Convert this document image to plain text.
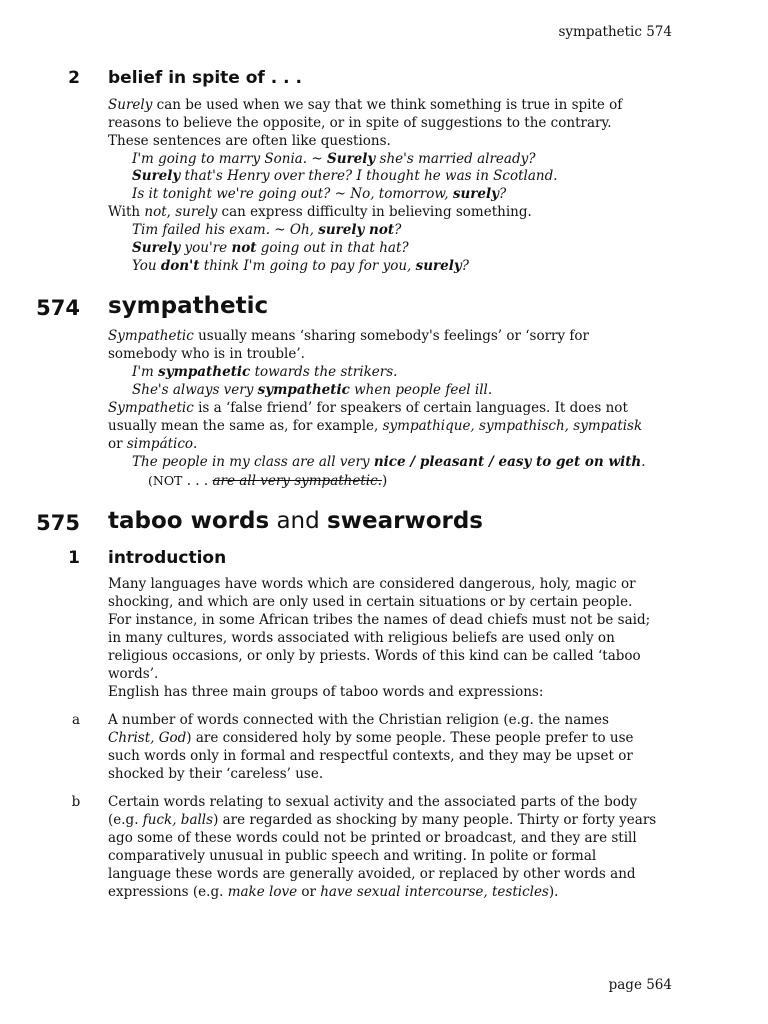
sympathetic 574
2 belief in spite of . . .
Surely can be used when we say that we think something is true in spite of
reasons to believe the opposite, or in spite of suggestions to the contrary.
These sentences are often like questions.
I'm going to marry Sonia. ~ Surely she's married already?
Surely that's Henry over there? I thought he was in Scotland.
Is it tonight we're going out? ~ No, tomorrow, surely?
With not, surely can express difficulty in believing something.
Tim failed his exam. ~ Oh, surely not?
Surely you're not going out in that hat?
You don't think I'm going to pay for you, surely?
574 sympathetic
Sympathetic usually means ‘sharing somebody's feelings’ or ‘sorry for
somebody who is in trouble’.
I'm sympathetic towards the strikers.
She's always very sympathetic when people feel ill.
Sympathetic is a ‘false friend’ for speakers of certain languages. It does not
usually mean the same as, for example, sympathique, sympathisch, sympatisk
or simpático.
The people in my class are all very nice / pleasant / easy to get on with.
(NOT . . . are all very sympathetic.)
575 taboo words and swearwords
1 introduction
Many languages have words which are considered dangerous, holy, magic or
shocking, and which are only used in certain situations or by certain people.
For instance, in some African tribes the names of dead chiefs must not be said;
in many cultures, words associated with religious beliefs are used only on
religious occasions, or only by priests. Words of this kind can be called ‘taboo
words’.
English has three main groups of taboo words and expressions:
a A number of words connected with the Christian religion (e.g. the names
Christ, God) are considered holy by some people. These people prefer to use
such words only in formal and respectful contexts, and they may be upset or
shocked by their ‘careless’ use.
b Certain words relating to sexual activity and the associated parts of the body
(e.g. fuck, balls) are regarded as shocking by many people. Thirty or forty years
ago some of these words could not be printed or broadcast, and they are still
comparatively unusual in public speech and writing. In polite or formal
language these words are generally avoided, or replaced by other words and
expressions (e.g. make love or have sexual intercourse, testicles).
page 564
